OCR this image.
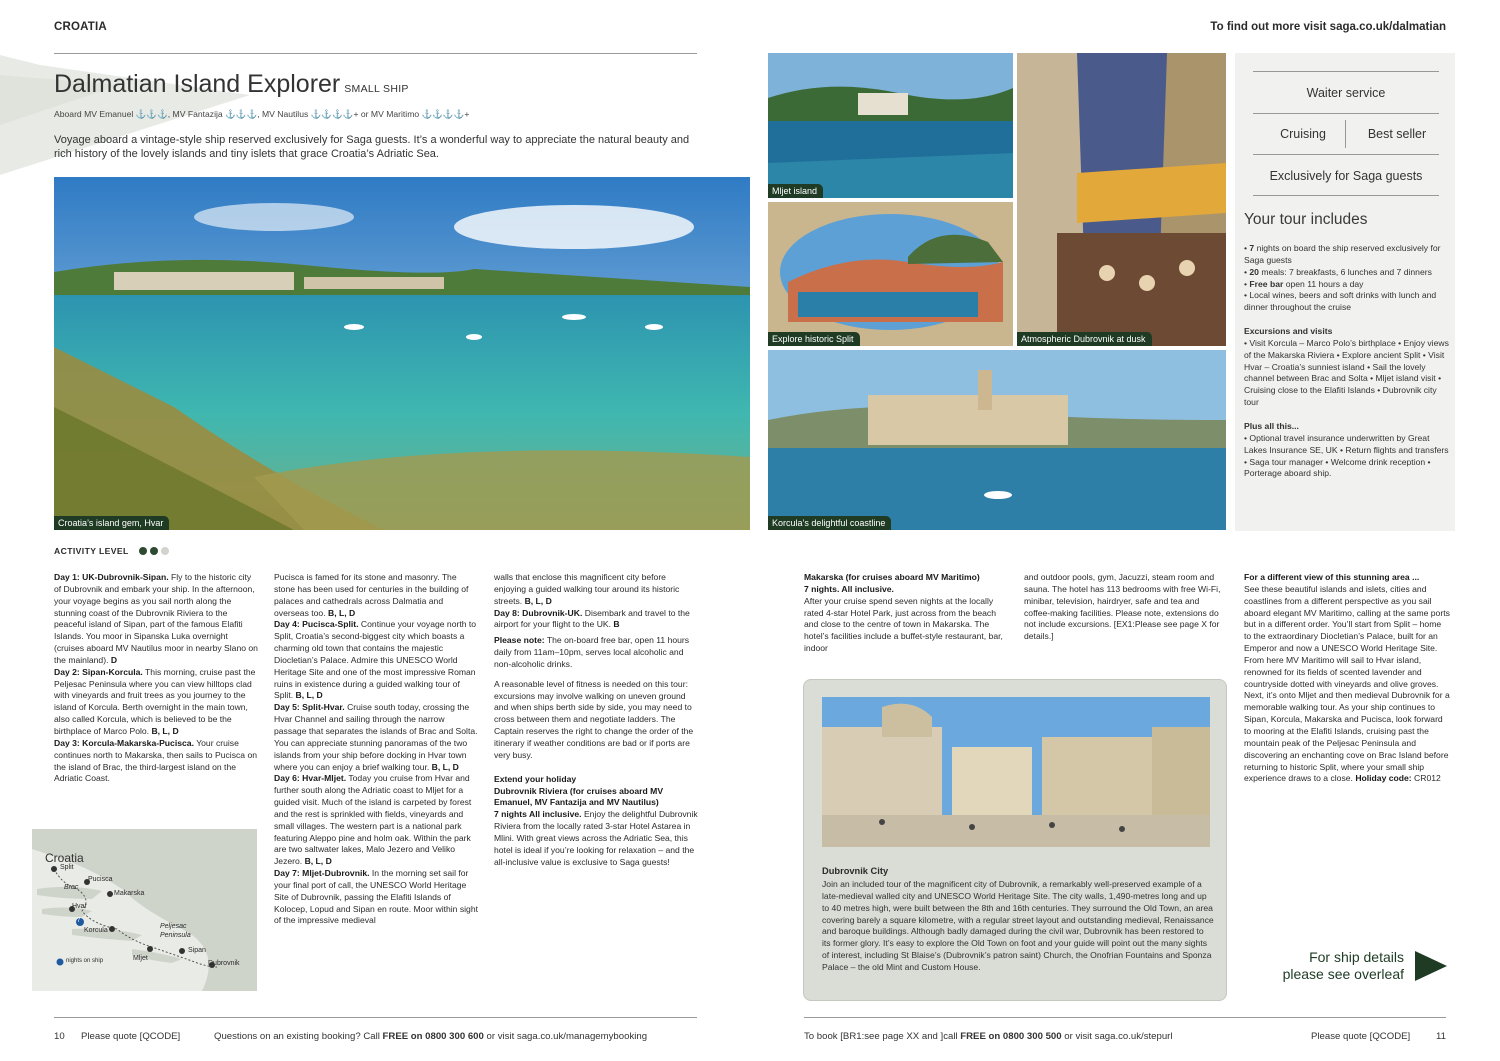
CROATIA	To find out more visit saga.co.uk/dalmatian
Dalmatian Island Explorer SMALL SHIP
Aboard MV Emanuel ⚓⚓⚓, MV Fantazija ⚓⚓⚓, MV Nautilus ⚓⚓⚓⚓+ or MV Maritimo ⚓⚓⚓⚓+
Voyage aboard a vintage-style ship reserved exclusively for Saga guests. It’s a wonderful way to appreciate the natural beauty and rich history of the lovely islands and tiny islets that grace Croatia’s Adriatic Sea.
Croatia’s island gem, Hvar
Mljet island
Explore historic Split	Atmospheric Dubrovnik at dusk
Korcula’s delightful coastline
Waiter service
Cruising	Best seller
Exclusively for Saga guests
Your tour includes

• 7 nights on board the ship reserved exclusively for Saga guests

• 20 meals: 7 breakfasts, 6 lunches and 7 dinners

• Free bar open 11 hours a day

• Local wines, beers and soft drinks with lunch and dinner throughout the cruise

Excursions and visits

• Visit Korcula – Marco Polo’s birthplace • Enjoy views of the Makarska Riviera • Explore ancient Split • Visit Hvar – Croatia’s sunniest island • Sail the lovely channel between Brac and Solta • Mljet island visit • Cruising close to the Elafiti Islands • Dubrovnik city tour

Plus all this...

• Optional travel insurance underwritten by Great Lakes Insurance SE, UK • Return flights and transfers • Saga tour manager • Welcome drink reception • Porterage aboard ship.

ACTIVITY LEVEL

Day 1: UK-Dubrovnik-Sipan. Fly to the historic city of Dubrovnik and embark your ship. In the afternoon, your voyage begins as you sail north along the stunning coast of the Dubrovnik Riviera to the peaceful island of Sipan, part of the famous Elafiti Islands. You moor in Sipanska Luka overnight (cruises aboard MV Nautilus moor in nearby Slano on the mainland). D

Day 2: Sipan-Korcula. This morning, cruise past the Peljesac Peninsula where you can view hilltops clad with vineyards and fruit trees as you journey to the island of Korcula. Berth overnight in the main town, also called Korcula, which is believed to be the birthplace of Marco Polo. B, L, D

Day 3: Korcula-Makarska-Pucisca. Your cruise continues north to Makarska, then sails to Pucisca on the island of Brac, the third-largest island on the Adriatic Coast.

Croatia
Split
Brac
Pucisca
Makarska
Hvar
7
Korcula
Peljesac Peninsula
Mljet
Sipan
Dubrovnik
nights on ship

Pucisca is famed for its stone and masonry. The stone has been used for centuries in the building of palaces and cathedrals across Dalmatia and overseas too. B, L, D

Day 4: Pucisca-Split. Continue your voyage north to Split, Croatia’s second-biggest city which boasts a charming old town that contains the majestic Diocletian’s Palace. Admire this UNESCO World Heritage Site and one of the most impressive Roman ruins in existence during a guided walking tour of Split. B, L, D

Day 5: Split-Hvar. Cruise south today, crossing the Hvar Channel and sailing through the narrow passage that separates the islands of Brac and Solta. You can appreciate stunning panoramas of the two islands from your ship before docking in Hvar town where you can enjoy a brief walking tour. B, L, D

Day 6: Hvar-Mljet. Today you cruise from Hvar and further south along the Adriatic coast to Mljet for a guided visit. Much of the island is carpeted by forest and the rest is sprinkled with fields, vineyards and small villages. The western part is a national park featuring Aleppo pine and holm oak. Within the park are two saltwater lakes, Malo Jezero and Veliko Jezero. B, L, D

Day 7: Mljet-Dubrovnik. In the morning set sail for your final port of call, the UNESCO World Heritage Site of Dubrovnik, passing the Elafiti Islands of Kolocep, Lopud and Sipan en route. Moor within sight of the impressive medieval

walls that enclose this magnificent city before enjoying a guided walking tour around its historic streets. B, L, D

Day 8: Dubrovnik-UK. Disembark and travel to the airport for your flight to the UK. B

Please note: The on-board free bar, open 11 hours daily from 11am–10pm, serves local alcoholic and non-alcoholic drinks.

A reasonable level of fitness is needed on this tour: excursions may involve walking on uneven ground and when ships berth side by side, you may need to cross between them and negotiate ladders. The Captain reserves the right to change the order of the itinerary if weather conditions are bad or if ports are very busy.

Extend your holiday

Dubrovnik Riviera (for cruises aboard MV Emanuel, MV Fantazija and MV Nautilus)

7 nights All inclusive. Enjoy the delightful Dubrovnik Riviera from the locally rated 3-star Hotel Astarea in Mlini. With great views across the Adriatic Sea, this hotel is ideal if you’re looking for relaxation – and the all-inclusive value is exclusive to Saga guests!

Makarska (for cruises aboard MV Maritimo)

7 nights. All inclusive.

After your cruise spend seven nights at the locally rated 4-star Hotel Park, just across from the beach and close to the centre of town in Makarska. The hotel’s facilities include a buffet-style restaurant, bar, indoor

and outdoor pools, gym, Jacuzzi, steam room and sauna. The hotel has 113 bedrooms with free Wi-Fi, minibar, television, hairdryer, safe and tea and coffee-making facilities. Please note, extensions do not include excursions. [EX1:Please see page X for details.]

For a different view of this stunning area ...

See these beautiful islands and islets, cities and coastlines from a different perspective as you sail aboard elegant MV Maritimo, calling at the same ports but in a different order. You’ll start from Split – home to the extraordinary Diocletian’s Palace, built for an Emperor and now a UNESCO World Heritage Site. From here MV Maritimo will sail to Hvar island, renowned for its fields of scented lavender and countryside dotted with vineyards and olive groves. Next, it’s onto Mljet and then medieval Dubrovnik for a memorable walking tour. As your ship continues to Sipan, Korcula, Makarska and Pucisca, look forward to mooring at the Elafiti Islands, cruising past the mountain peak of the Peljesac Peninsula and discovering an enchanting cove on Brac Island before returning to historic Split, where your small ship experience draws to a close. Holiday code: CR012

Dubrovnik City
Join an included tour of the magnificent city of Dubrovnik, a remarkably well-preserved example of a late-medieval walled city and UNESCO World Heritage Site. The city walls, 1,490-metres long and up to 40 metres high, were built between the 8th and 16th centuries. They surround the Old Town, an area covering barely a square kilometre, with a regular street layout and outstanding medieval, Renaissance and baroque buildings. Although badly damaged during the civil war, Dubrovnik has been restored to its former glory. It’s easy to explore the Old Town on foot and your guide will point out the many sights of interest, including St Blaise’s (Dubrovnik’s patron saint) Church, the Onofrian Fountains and Sponza Palace – the old Mint and Custom House.
For ship details
please see overleaf
10 Please quote [QCODE]	Questions on an existing booking? Call FREE on 0800 300 600 or visit saga.co.uk/managemybooking	To book [BR1:see page XX and ]call FREE on 0800 300 500 or visit saga.co.uk/stepurl	Please quote [QCODE]	11
